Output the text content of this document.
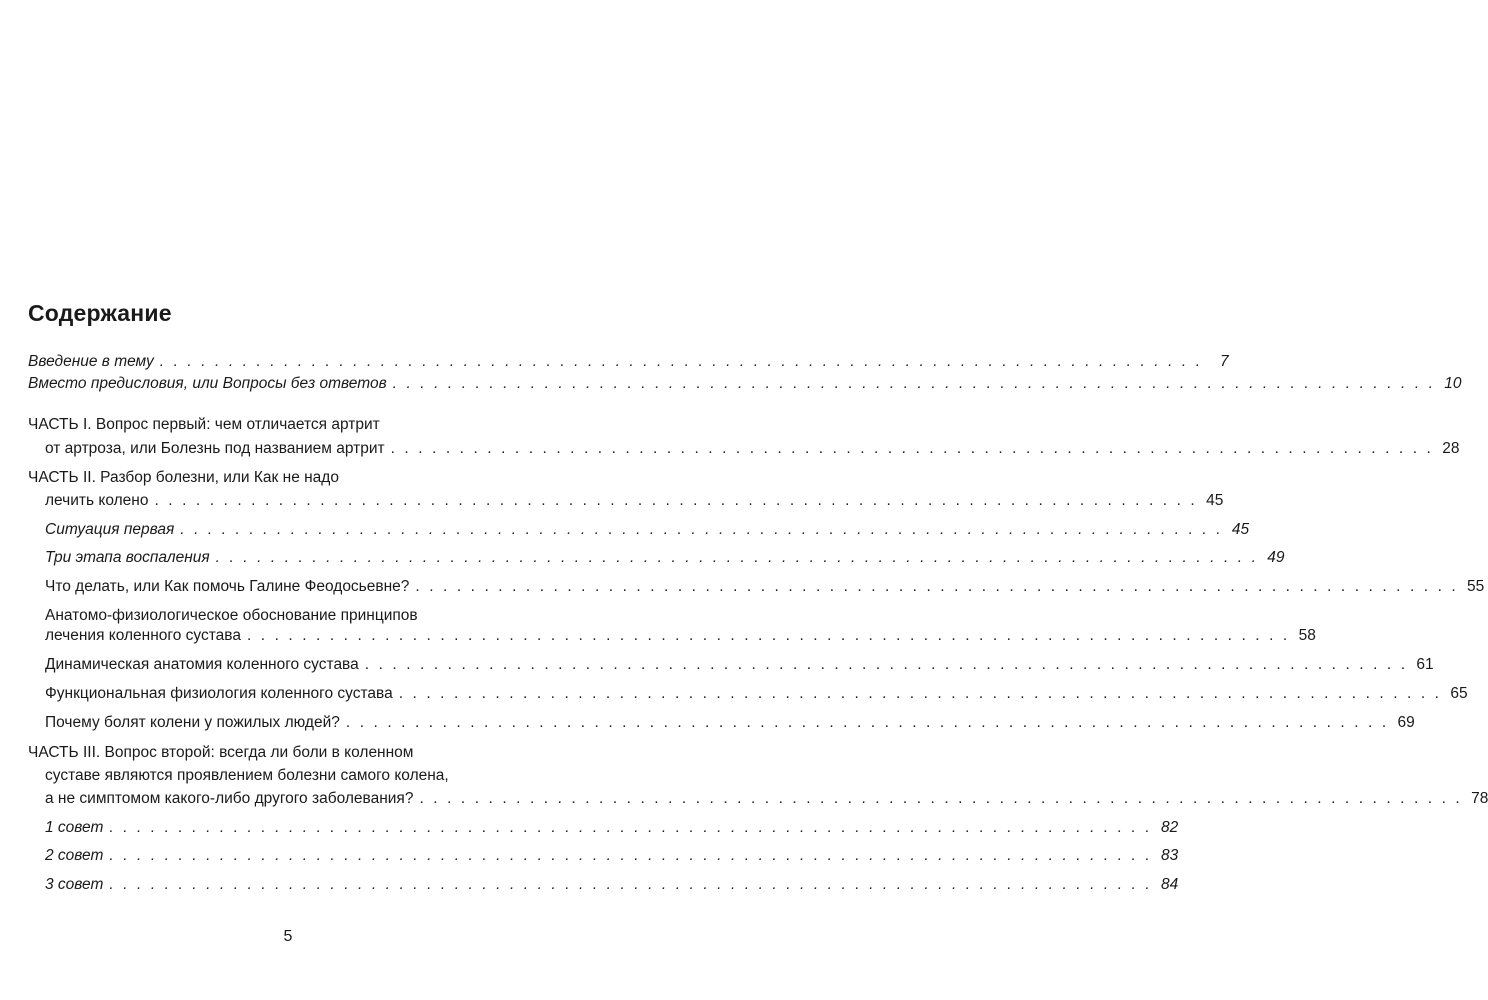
Содержание
Введение в тему . . . . . . . . . . . . . . . . . . . . . . . . . . . . . . . . . . . . . . . . . . . . . . . . . . . . . . . . . . . . . . . . . . . . . . . . . . . .	7
Вместо предисловия, или Вопросы без ответов . . . . . . . . . . . . . . . . . . . . . . . . . . . . . . . . . . . . . . . . . . . . . . . . . . . . . . . . . . . . . . . . . . . . . . . . . . . . 10
ЧАСТЬ I. Вопрос первый: чем отличается артрит
от артроза, или Болезнь под названием артрит . . . . . . . . . . . . . . . . . . . . . . . . . . . . . . . . . . . . . . . . . . . . . . . . . . . . . . . . . . . . . . . . . . . . . . . . . . . . 28
ЧАСТЬ II. Разбор болезни, или Как не надо
лечить колено . . . . . . . . . . . . . . . . . . . . . . . . . . . . . . . . . . . . . . . . . . . . . . . . . . . . . . . . . . . . . . . . . . . . . . . . . . . . 45
Ситуация первая . . . . . . . . . . . . . . . . . . . . . . . . . . . . . . . . . . . . . . . . . . . . . . . . . . . . . . . . . . . . . . . . . . . . . . . . . . . . 45
Три этапа воспаления . . . . . . . . . . . . . . . . . . . . . . . . . . . . . . . . . . . . . . . . . . . . . . . . . . . . . . . . . . . . . . . . . . . . . . . . . . . . 49
Что делать, или Как помочь Галине Феодосьевне? . . . . . . . . . . . . . . . . . . . . . . . . . . . . . . . . . . . . . . . . . . . . . . . . . . . . . . . . . . . . . . . . . . . . . . . . . . . . 55
Анатомо-физиологическое обоснование принципов
лечения коленного сустава . . . . . . . . . . . . . . . . . . . . . . . . . . . . . . . . . . . . . . . . . . . . . . . . . . . . . . . . . . . . . . . . . . . . . . . . . . . . 58
Динамическая анатомия коленного сустава . . . . . . . . . . . . . . . . . . . . . . . . . . . . . . . . . . . . . . . . . . . . . . . . . . . . . . . . . . . . . . . . . . . . . . . . . . . . 61
Функциональная физиология коленного сустава . . . . . . . . . . . . . . . . . . . . . . . . . . . . . . . . . . . . . . . . . . . . . . . . . . . . . . . . . . . . . . . . . . . . . . . . . . . . 65
Почему болят колени у пожилых людей? . . . . . . . . . . . . . . . . . . . . . . . . . . . . . . . . . . . . . . . . . . . . . . . . . . . . . . . . . . . . . . . . . . . . . . . . . . . . 69
ЧАСТЬ III. Вопрос второй: всегда ли боли в коленном
суставе являются проявлением болезни самого колена,
а не симптомом какого-либо другого заболевания? . . . . . . . . . . . . . . . . . . . . . . . . . . . . . . . . . . . . . . . . . . . . . . . . . . . . . . . . . . . . . . . . . . . . . . . . . . . . 78
1 совет . . . . . . . . . . . . . . . . . . . . . . . . . . . . . . . . . . . . . . . . . . . . . . . . . . . . . . . . . . . . . . . . . . . . . . . . . . . . 82
2 совет . . . . . . . . . . . . . . . . . . . . . . . . . . . . . . . . . . . . . . . . . . . . . . . . . . . . . . . . . . . . . . . . . . . . . . . . . . . . 83
3 совет . . . . . . . . . . . . . . . . . . . . . . . . . . . . . . . . . . . . . . . . . . . . . . . . . . . . . . . . . . . . . . . . . . . . . . . . . . . . 84
5
